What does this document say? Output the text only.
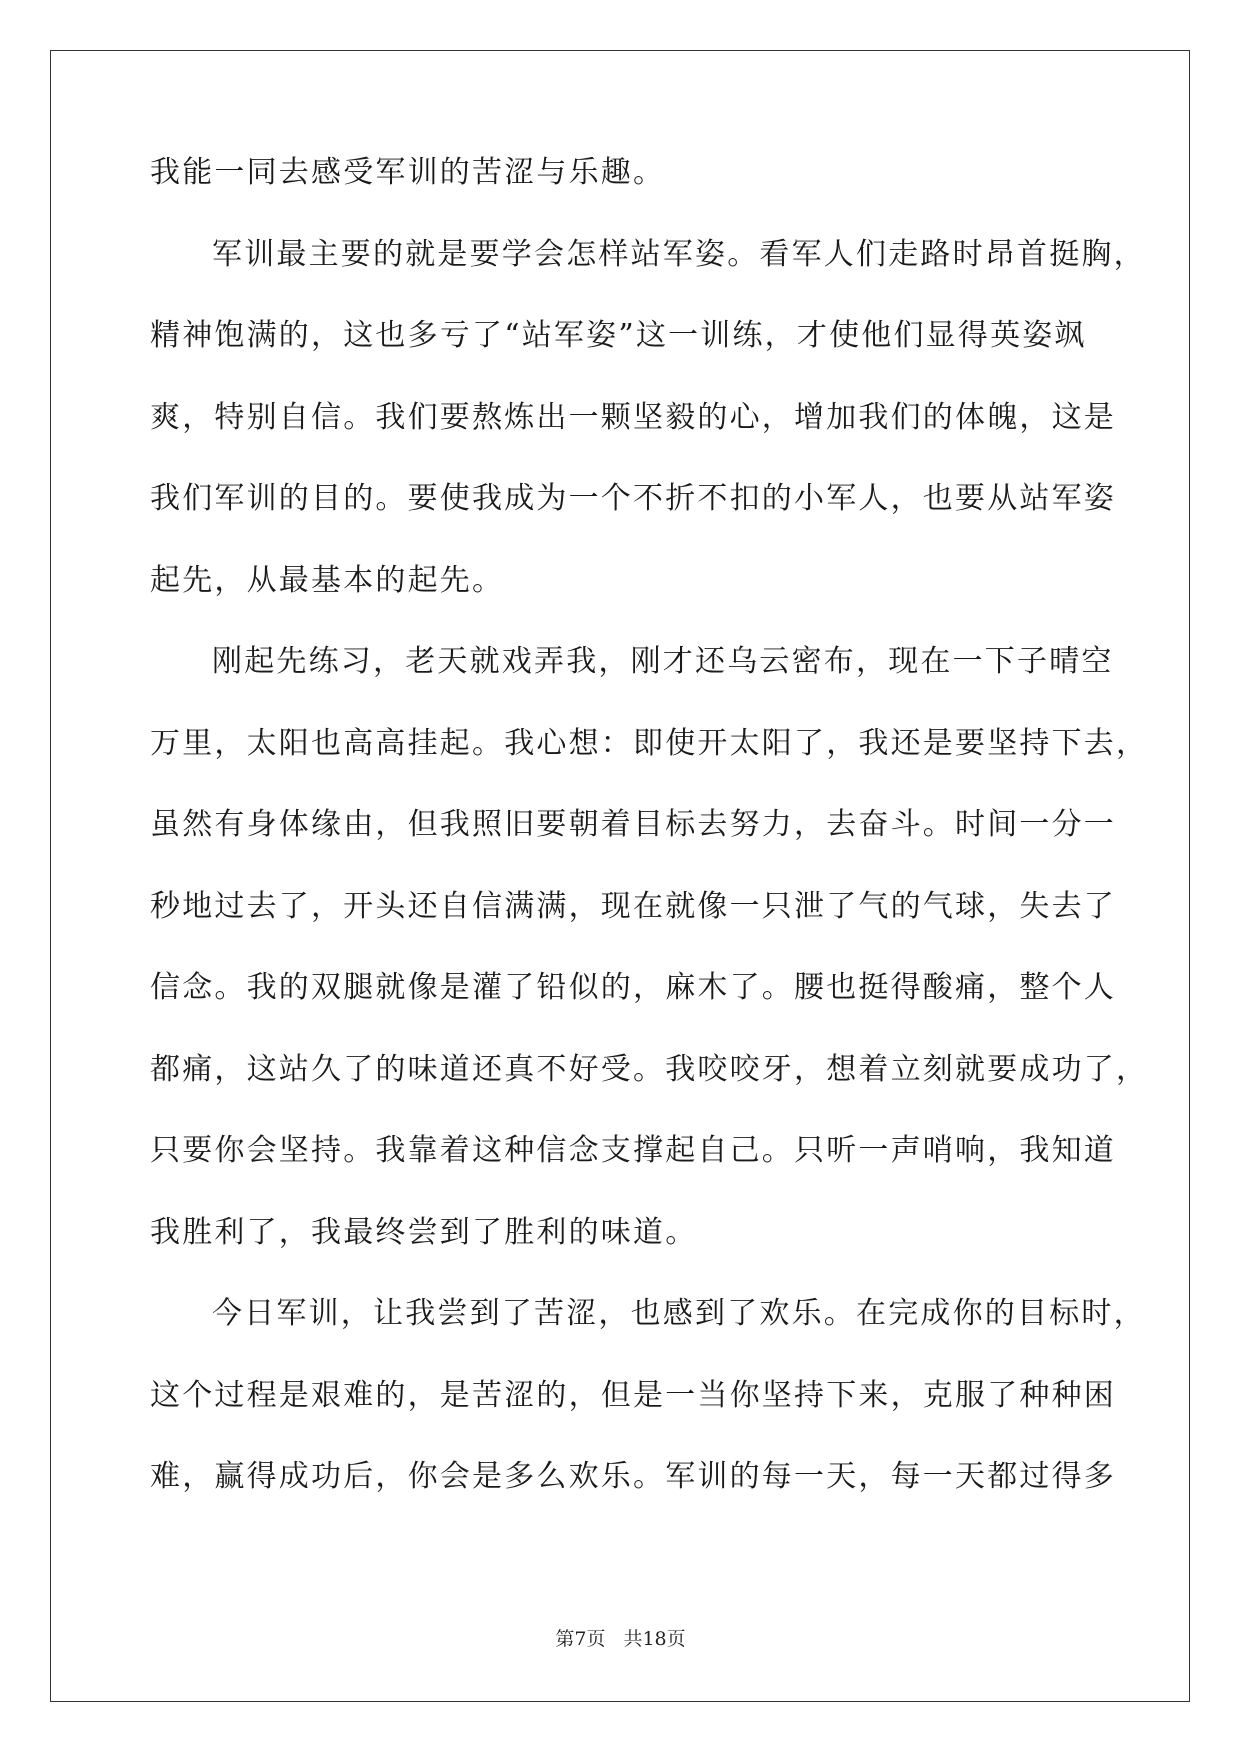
我能一同去感受军训的苦涩与乐趣。
军训最主要的就是要学会怎样站军姿。看军人们走路时昂首挺胸，
精神饱满的，这也多亏了“站军姿”这一训练，才使他们显得英姿飒
爽，特别自信。我们要熬炼出一颗坚毅的心，增加我们的体魄，这是
我们军训的目的。要使我成为一个不折不扣的小军人，也要从站军姿
起先，从最基本的起先。
刚起先练习，老天就戏弄我，刚才还乌云密布，现在一下子晴空
万里，太阳也高高挂起。我心想：即使开太阳了，我还是要坚持下去，
虽然有身体缘由，但我照旧要朝着目标去努力，去奋斗。时间一分一
秒地过去了，开头还自信满满，现在就像一只泄了气的气球，失去了
信念。我的双腿就像是灌了铅似的，麻木了。腰也挺得酸痛，整个人
都痛，这站久了的味道还真不好受。我咬咬牙，想着立刻就要成功了，
只要你会坚持。我靠着这种信念支撑起自己。只听一声哨响，我知道
我胜利了，我最终尝到了胜利的味道。
今日军训，让我尝到了苦涩，也感到了欢乐。在完成你的目标时，
这个过程是艰难的，是苦涩的，但是一当你坚持下来，克服了种种困
难，赢得成功后，你会是多么欢乐。军训的每一天，每一天都过得多
第7页 共18页
